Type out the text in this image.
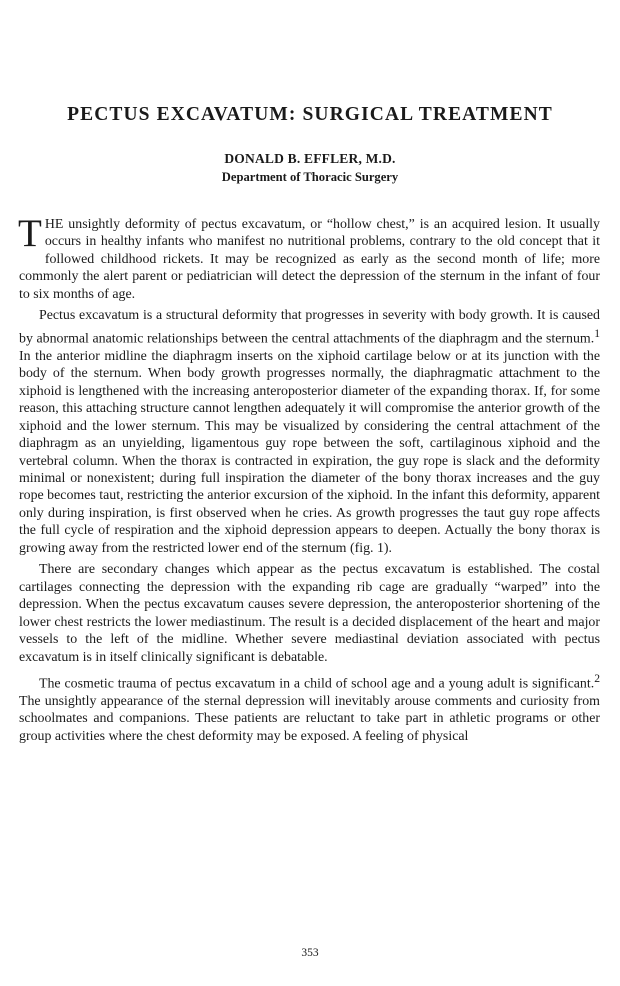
PECTUS EXCAVATUM: SURGICAL TREATMENT
DONALD B. EFFLER, M.D.
Department of Thoracic Surgery

THE unsightly deformity of pectus excavatum, or “hollow chest,” is an acquired lesion. It usually occurs in healthy infants who manifest no nutritional problems, contrary to the old concept that it followed childhood rickets. It may be recognized as early as the second month of life; more commonly the alert parent or pediatrician will detect the depression of the sternum in the infant of four to six months of age.

Pectus excavatum is a structural deformity that progresses in severity with body growth. It is caused by abnormal anatomic relationships between the central attachments of the diaphragm and the sternum.$^1$ In the anterior midline the diaphragm inserts on the xiphoid cartilage below or at its junction with the body of the sternum. When body growth progresses normally, the diaphragmatic attachment to the xiphoid is lengthened with the increasing anteroposterior diameter of the expanding thorax. If, for some reason, this attaching structure cannot lengthen adequately it will compromise the anterior growth of the xiphoid and the lower sternum. This may be visualized by considering the central attachment of the diaphragm as an unyielding, ligamentous guy rope between the soft, cartilaginous xiphoid and the vertebral column. When the thorax is contracted in expiration, the guy rope is slack and the deformity minimal or nonexistent; during full inspiration the diameter of the bony thorax increases and the guy rope becomes taut, restricting the anterior excursion of the xiphoid. In the infant this deformity, apparent only during inspiration, is first observed when he cries. As growth progresses the taut guy rope affects the full cycle of respiration and the xiphoid depression appears to deepen. Actually the bony thorax is growing away from the restricted lower end of the sternum (fig. 1).

There are secondary changes which appear as the pectus excavatum is established. The costal cartilages connecting the depression with the expanding rib cage are gradually “warped” into the depression. When the pectus excavatum causes severe depression, the anteroposterior shortening of the lower chest restricts the lower mediastinum. The result is a decided displacement of the heart and major vessels to the left of the midline. Whether severe mediastinal deviation associated with pectus excavatum is in itself clinically significant is debatable.

The cosmetic trauma of pectus excavatum in a child of school age and a young adult is significant.$^2$ The unsightly appearance of the sternal depression will inevitably arouse comments and curiosity from schoolmates and companions. These patients are reluctant to take part in athletic programs or other group activities where the chest deformity may be exposed. A feeling of physical

353
